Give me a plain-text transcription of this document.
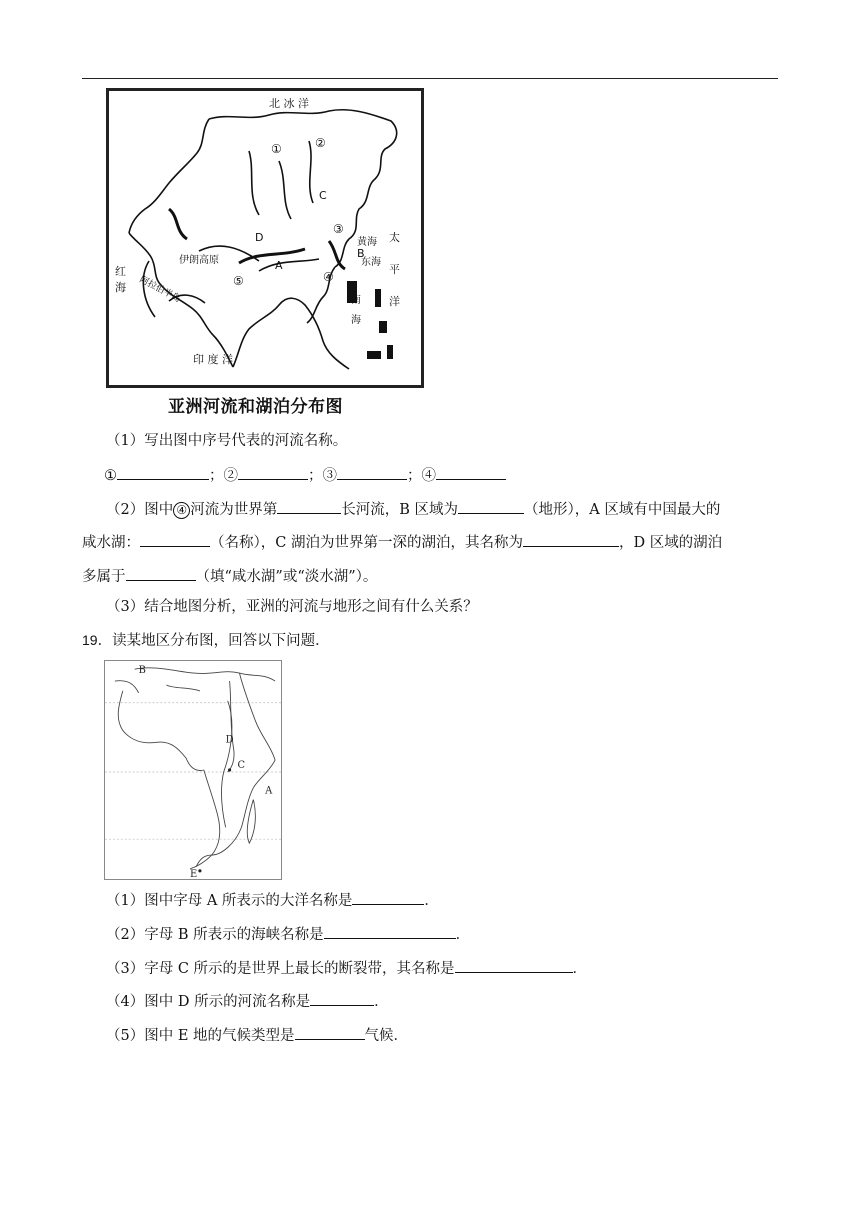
北 冰 洋
太
平
洋
印 度 洋
伊朗高原
红
海 阿拉伯半岛
黄海
东海
南
海
C
D
A
B
①	②
③
④
⑤
亚洲河流和湖泊分布图
（1）写出图中序号代表的河流名称。
①	；②	；③	；④
（2）图中 ④ 河流为世界第	长河流，B 区域为	（地形），A 区域有中国最大的
咸水湖：	（名称），C 湖泊为世界第一深的湖泊，其名称为	，D 区域的湖泊
多属于	（填“咸水湖”或“淡水湖”）。
（3）结合地图分析，亚洲的河流与地形之间有什么关系？
19．读某地区分布图，回答以下问题．
B
D
C
A
E
（1）图中字母 A 所表示的大洋名称是	．
（2）字母 B 所表示的海峡名称是	．
（3）字母 C 所示的是世界上最长的断裂带，其名称是	．
（4）图中 D 所示的河流名称是	．
（5）图中 E 地的气候类型是	气候．
